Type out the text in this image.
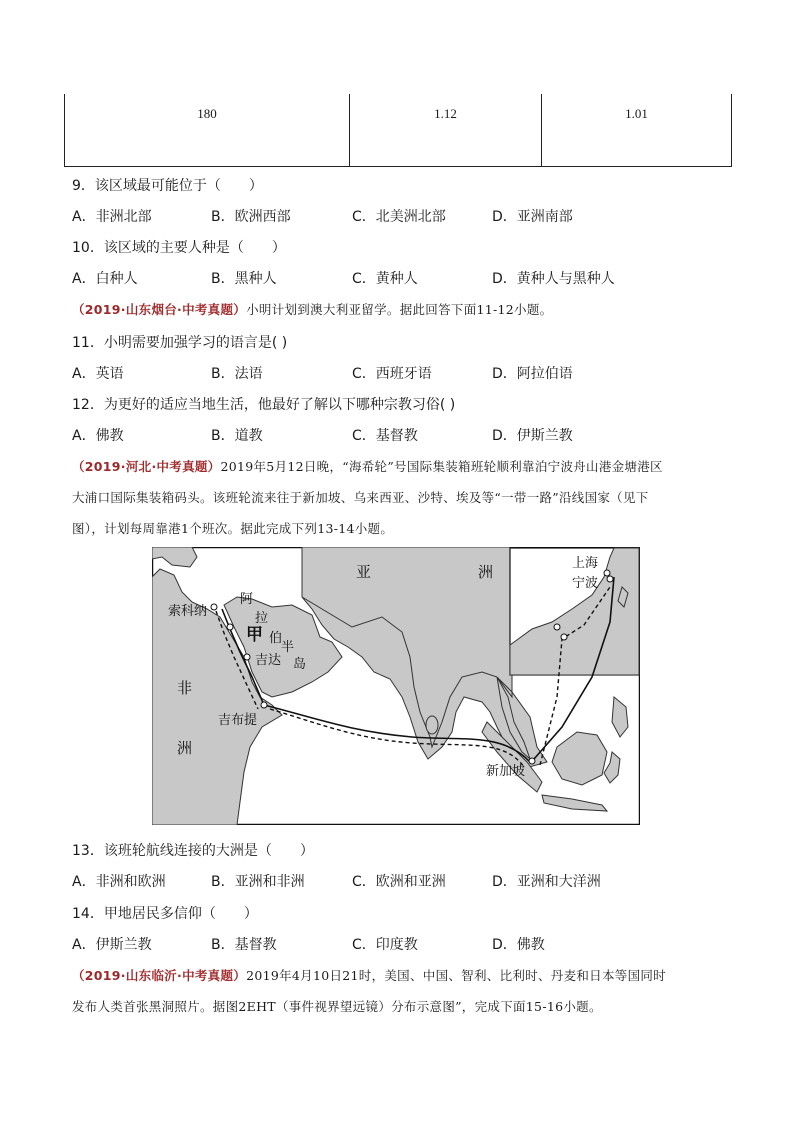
180	1.12	1.01
9．该区域最可能位于（　　）
A．非洲北部	B．欧洲西部	C．北美洲北部	D．亚洲南部
10．该区域的主要人种是（　　）
A．白种人	B．黑种人	C．黄种人	D．黄种人与黑种人
（2019·山东烟台·中考真题）小明计划到澳大利亚留学。据此回答下面11-12小题。
11．小明需要加强学习的语言是( )
A．英语	B．法语	C．西班牙语	D．阿拉伯语
12．为更好的适应当地生活，他最好了解以下哪种宗教习俗( )
A．佛教	B．道教	C．基督教	D．伊斯兰教
（2019·河北·中考真题）2019年5月12日晚，“海希轮”号国际集装箱班轮顺利靠泊宁波舟山港金塘港区
大浦口国际集装箱码头。该班轮流来往于新加坡、乌来西亚、沙特、埃及等“一带一路”沿线国家（见下
图），计划每周靠港1个班次。据此完成下列13-14小题。
亚	洲
非
洲
阿
拉
伯
半
岛
甲
索科纳
吉达
吉布提
新加坡
上海
宁波
13．该班轮航线连接的大洲是（　　）
A．非洲和欧洲	B．亚洲和非洲	C．欧洲和亚洲	D．亚洲和大洋洲
14．甲地居民多信仰（　　）
A．伊斯兰教	B．基督教	C．印度教	D．佛教
（2019·山东临沂·中考真题）2019年4月10日21时，美国、中国、智利、比利时、丹麦和日本等国同时
发布人类首张黑洞照片。据图2EHT（事件视界望远镜）分布示意图”，完成下面15-16小题。
